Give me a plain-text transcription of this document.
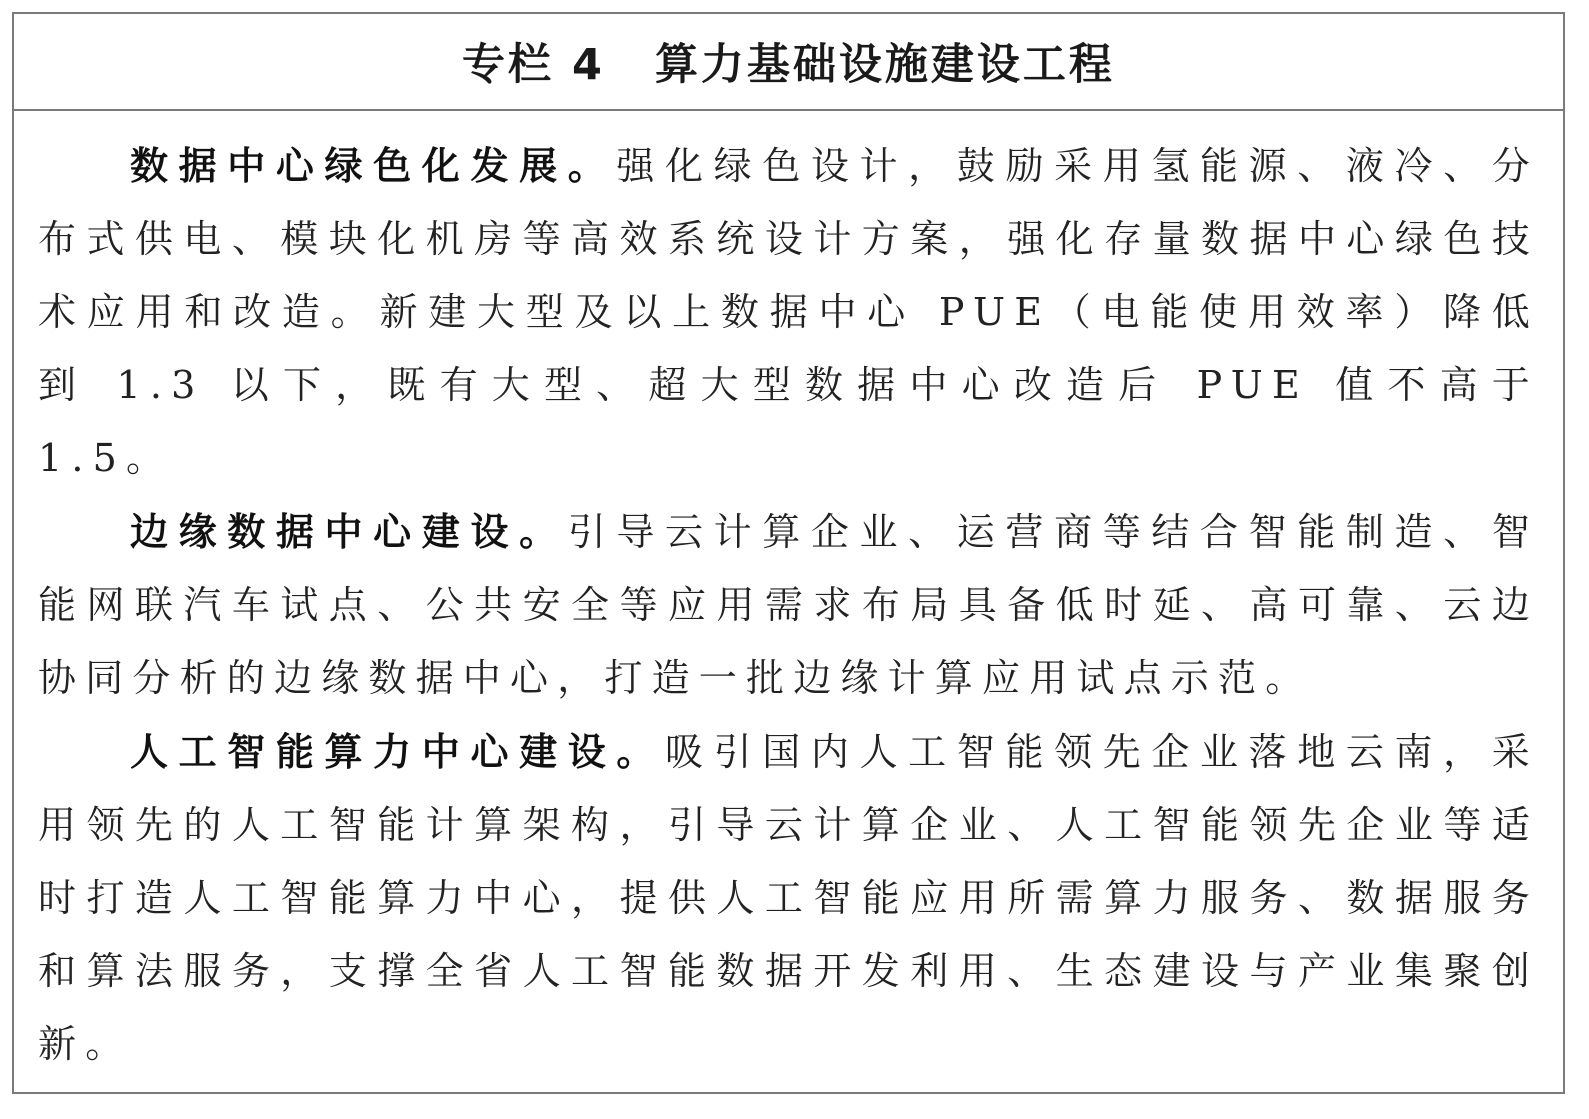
专栏 4 算力基础设施建设工程

数据中心绿色化发展。强化绿色设计，鼓励采用氢能源、液冷、分布式供电、模块化机房等高效系统设计方案，强化存量数据中心绿色技术应用和改造。新建大型及以上数据中心 PUE（电能使用效率）降低到 1.3 以下，既有大型、超大型数据中心改造后 PUE 值不高于 1.5。

边缘数据中心建设。引导云计算企业、运营商等结合智能制造、智能网联汽车试点、公共安全等应用需求布局具备低时延、高可靠、云边协同分析的边缘数据中心，打造一批边缘计算应用试点示范。

人工智能算力中心建设。吸引国内人工智能领先企业落地云南，采用领先的人工智能计算架构，引导云计算企业、人工智能领先企业等适时打造人工智能算力中心，提供人工智能应用所需算力服务、数据服务和算法服务，支撑全省人工智能数据开发利用、生态建设与产业集聚创新。
